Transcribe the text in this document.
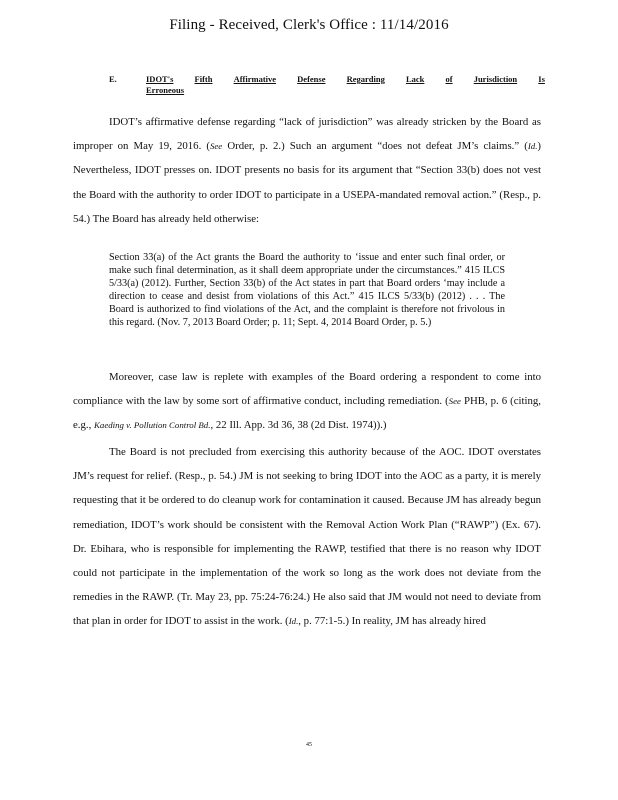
Filing - Received, Clerk's Office : 11/14/2016
E.	IDOT's Fifth Affirmative Defense Regarding Lack of Jurisdiction Is
Erroneous

IDOT’s affirmative defense regarding “lack of jurisdiction” was already stricken by the Board as improper on May 19, 2016. (See Order, p. 2.) Such an argument “does not defeat JM’s claims.” (Id.) Nevertheless, IDOT presses on. IDOT presents no basis for its argument that “Section 33(b) does not vest the Board with the authority to order IDOT to participate in a USEPA-mandated removal action.” (Resp., p. 54.) The Board has already held otherwise:

Section 33(a) of the Act grants the Board the authority to ‘issue and enter such final order, or make such final determination, as it shall deem appropriate under the circumstances.” 415 ILCS 5/33(a) (2012). Further, Section 33(b) of the Act states in part that Board orders ‘may include a direction to cease and desist from violations of this Act.” 415 ILCS 5/33(b) (2012) . . . The Board is authorized to find violations of the Act, and the complaint is therefore not frivolous in this regard. (Nov. 7, 2013 Board Order; p. 11; Sept. 4, 2014 Board Order, p. 5.)

Moreover, case law is replete with examples of the Board ordering a respondent to come into compliance with the law by some sort of affirmative conduct, including remediation. (See PHB, p. 6 (citing, e.g., Kaeding v. Pollution Control Bd., 22 Ill. App. 3d 36, 38 (2d Dist. 1974)).)

The Board is not precluded from exercising this authority because of the AOC. IDOT overstates JM’s request for relief. (Resp., p. 54.) JM is not seeking to bring IDOT into the AOC as a party, it is merely requesting that it be ordered to do cleanup work for contamination it caused. Because JM has already begun remediation, IDOT’s work should be consistent with the Removal Action Work Plan (“RAWP”) (Ex. 67). Dr. Ebihara, who is responsible for implementing the RAWP, testified that there is no reason why IDOT could not participate in the implementation of the work so long as the work does not deviate from the remedies in the RAWP. (Tr. May 23, pp. 75:24-76:24.) He also said that JM would not need to deviate from that plan in order for IDOT to assist in the work. (Id., p. 77:1-5.) In reality, JM has already hired

45
